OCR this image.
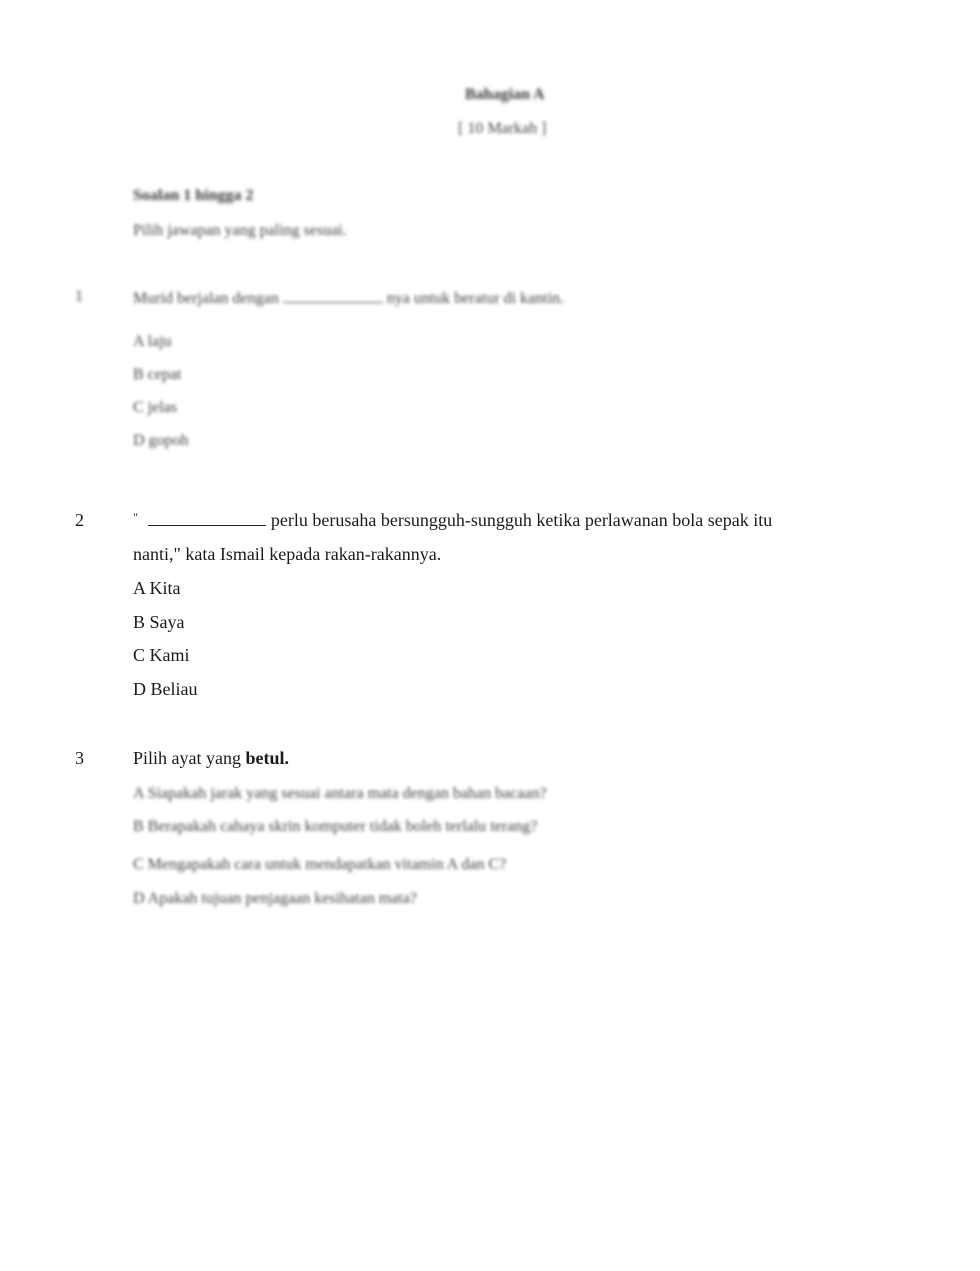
Bahagian A
[ 10 Markah ]
Soalan 1 hingga 2
Pilih jawapan yang paling sesuai.
1	Murid berjalan dengan	nya untuk beratur di kantin.
A laju
B cepat
C jelas
D gopoh
2	"	perlu berusaha bersungguh-sungguh ketika perlawanan bola sepak itu
nanti," kata Ismail kepada rakan-rakannya.
A Kita
B Saya
C Kami
D Beliau
3	Pilih ayat yang betul.
A Siapakah jarak yang sesuai antara mata dengan bahan bacaan?
B Berapakah cahaya skrin komputer tidak boleh terlalu terang?
C Mengapakah cara untuk mendapatkan vitamin A dan C?
D Apakah tujuan penjagaan kesihatan mata?
